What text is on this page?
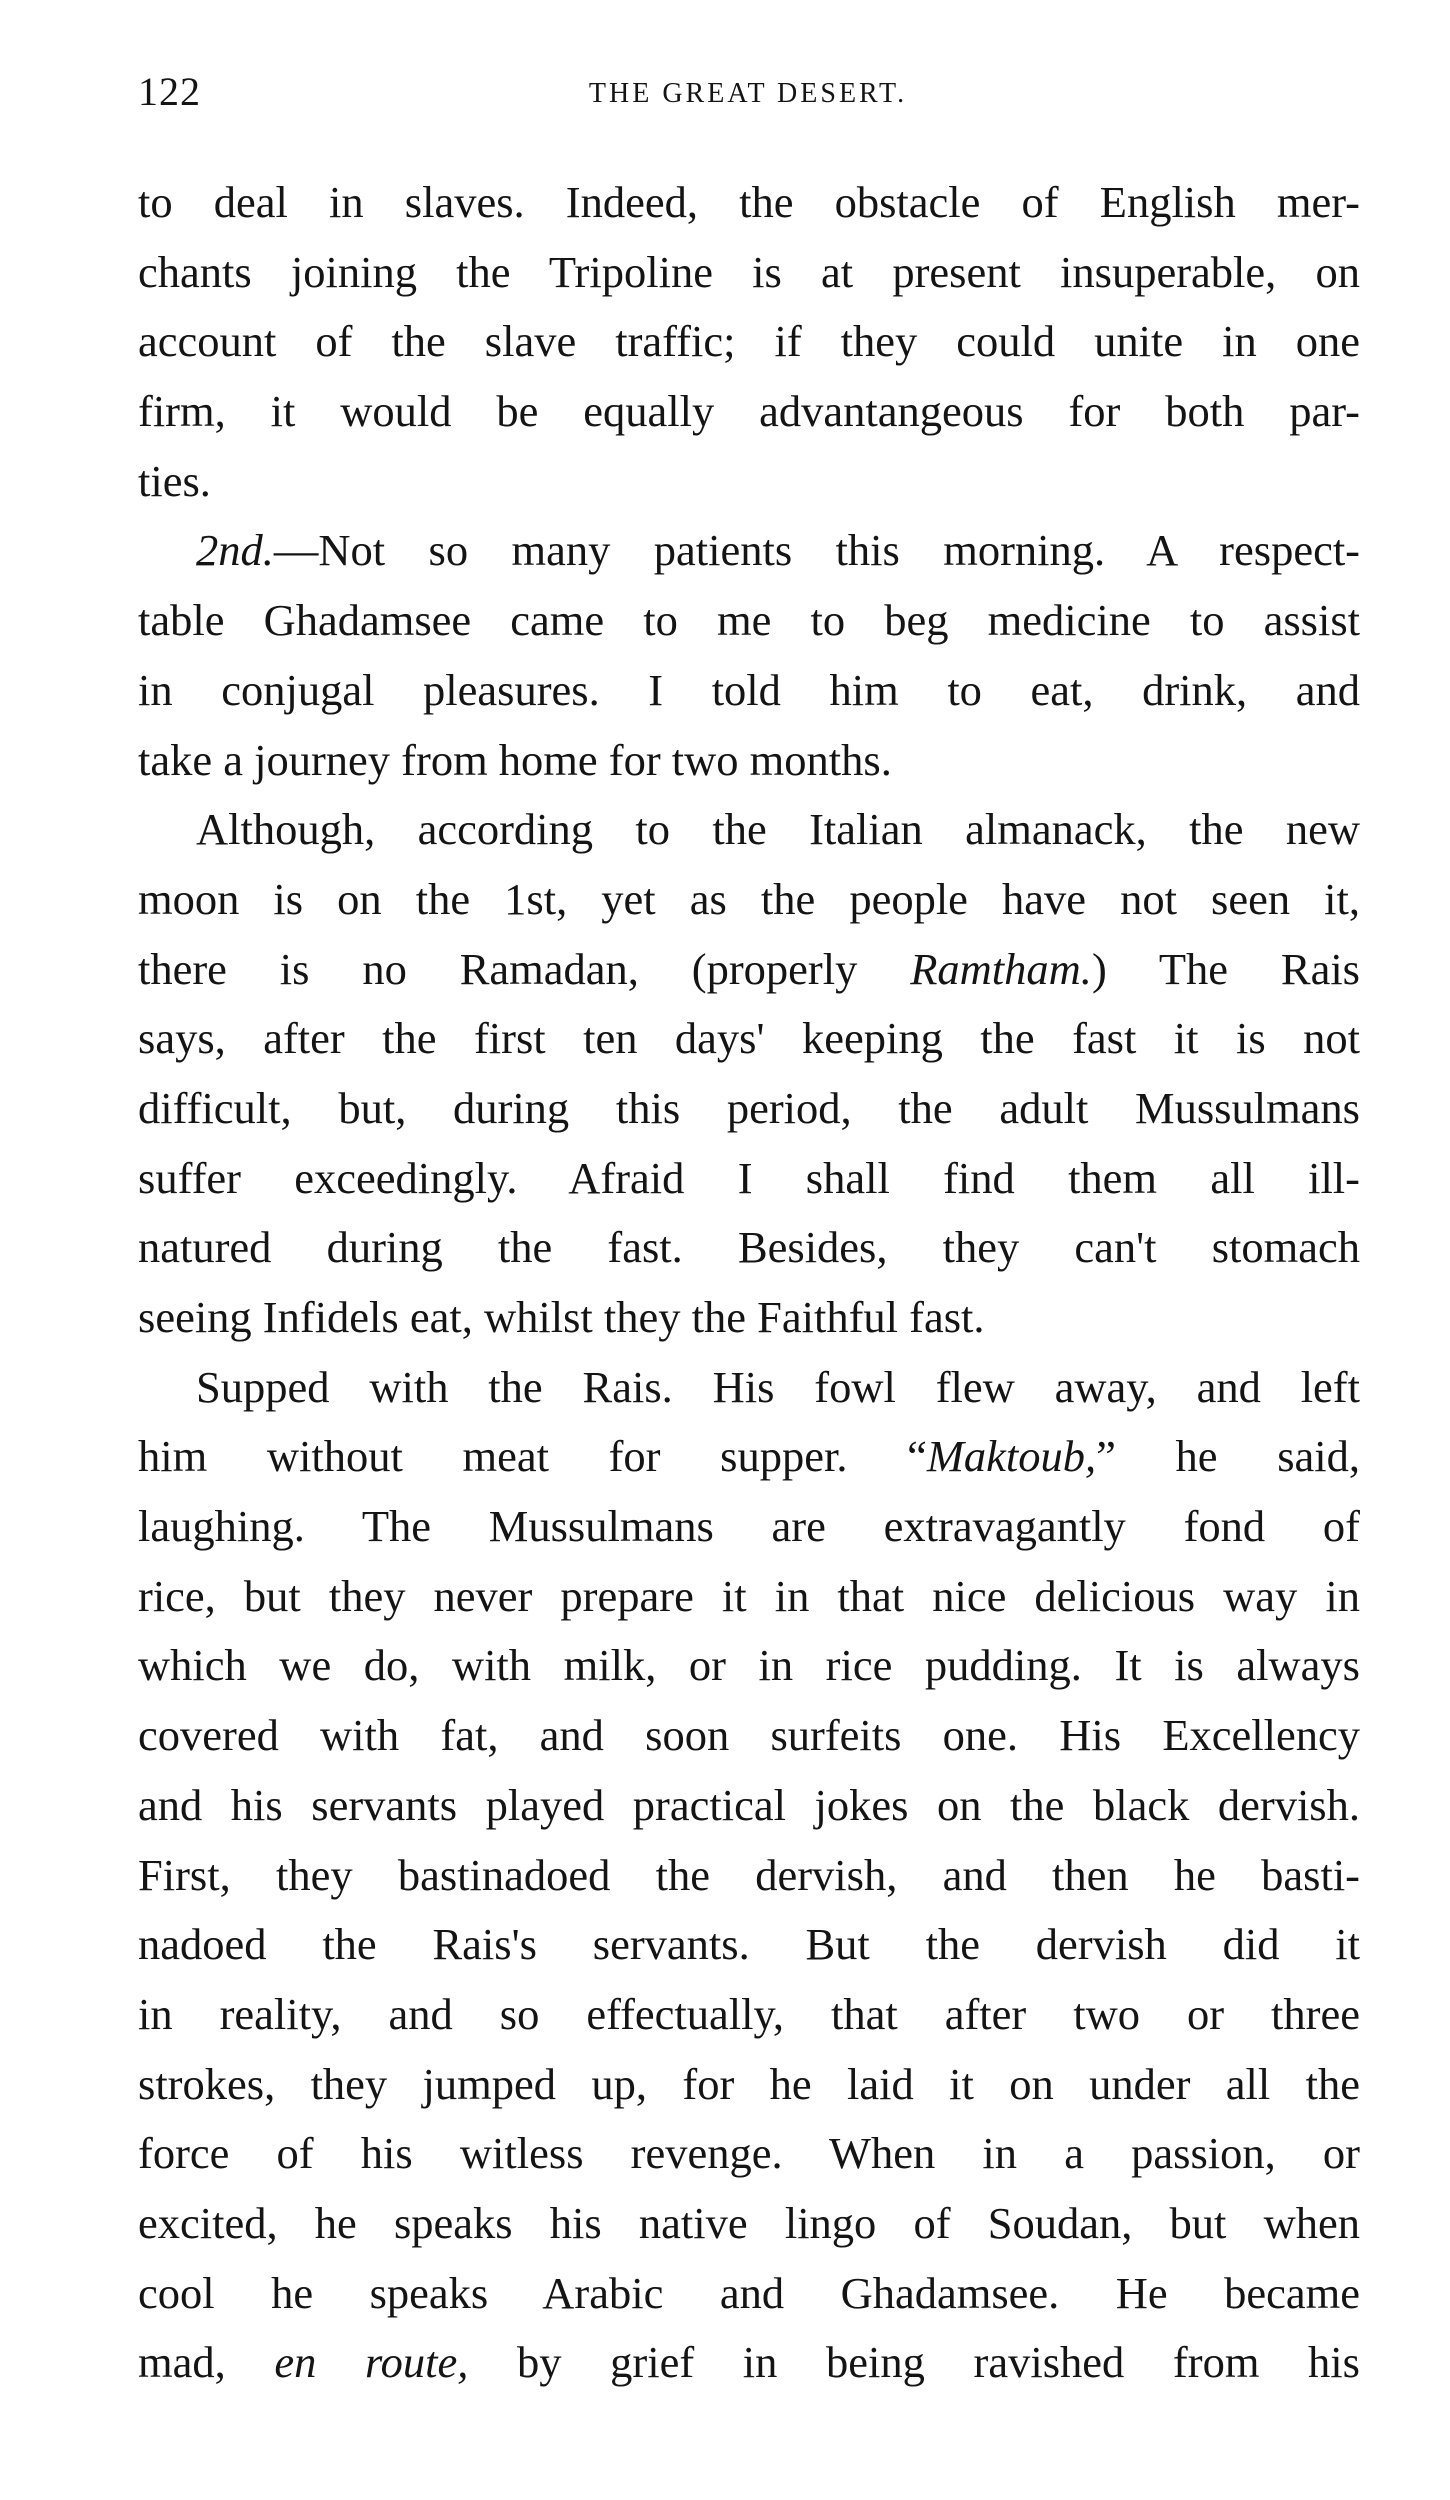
122	THE GREAT DESERT.
to deal in slaves. Indeed, the obstacle of English mer-
chants joining the Tripoline is at present insuperable, on
account of the slave traffic; if they could unite in one
firm, it would be equally advantangeous for both par-
ties.
2nd.—Not so many patients this morning. A respect-
table Ghadamsee came to me to beg medicine to assist
in conjugal pleasures. I told him to eat, drink, and
take a journey from home for two months.
Although, according to the Italian almanack, the new
moon is on the 1st, yet as the people have not seen it,
there is no Ramadan, (properly Ramtham.) The Rais
says, after the first ten days' keeping the fast it is not
difficult, but, during this period, the adult Mussulmans
suffer exceedingly. Afraid I shall find them all ill-
natured during the fast. Besides, they can't stomach
seeing Infidels eat, whilst they the Faithful fast.
Supped with the Rais. His fowl flew away, and left
him without meat for supper. “Maktoub,” he said,
laughing. The Mussulmans are extravagantly fond of
rice, but they never prepare it in that nice delicious way in
which we do, with milk, or in rice pudding. It is always
covered with fat, and soon surfeits one. His Excellency
and his servants played practical jokes on the black dervish.
First, they bastinadoed the dervish, and then he basti-
nadoed the Rais's servants. But the dervish did it
in reality, and so effectually, that after two or three
strokes, they jumped up, for he laid it on under all the
force of his witless revenge. When in a passion, or
excited, he speaks his native lingo of Soudan, but when
cool he speaks Arabic and Ghadamsee. He became
mad, en route, by grief in being ravished from his
